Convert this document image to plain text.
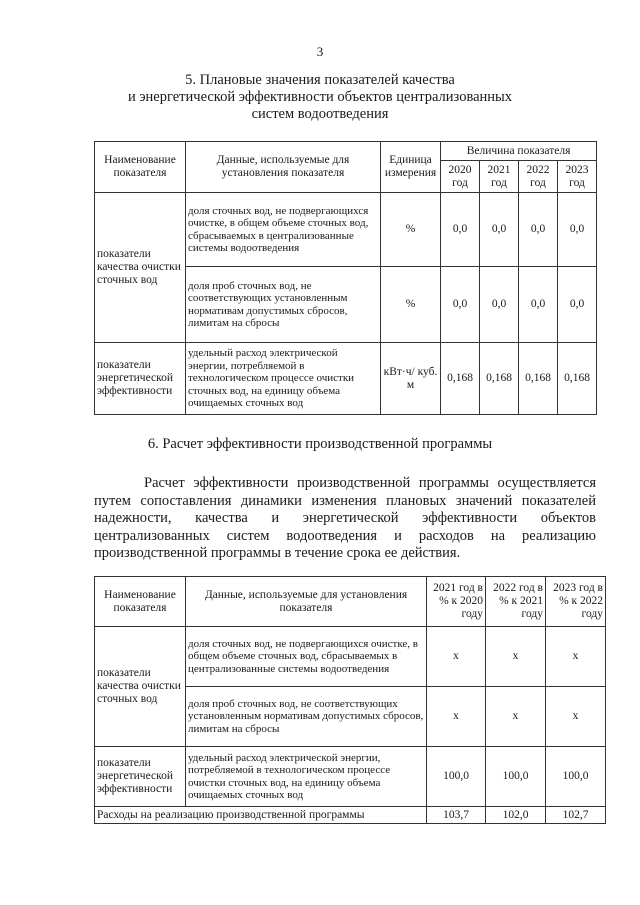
3
5. Плановые значения показателей качества
и энергетической эффективности объектов централизованных
систем водоотведения
Наименование показателя	Данные, используемые для установления показателя	Единица измерения	Величина показателя			
			2020 год	2021 год	2022 год	2023 год
показатели качества очистки сточных вод	доля сточных вод, не подвергающихся очистке, в общем объеме сточных вод, сбрасываемых в централизованные системы водоотведения	%	0,0	0,0	0,0	0,0
	доля проб сточных вод, не соответствующих установленным нормативам допустимых сбросов, лимитам на сбросы	%	0,0	0,0	0,0	0,0
показатели энергетической эффективности	удельный расход электрической энергии, потребляемой в технологическом процессе очистки сточных вод, на единицу объема очищаемых сточных вод	кВт·ч/ куб. м	0,168	0,168	0,168	0,168
6. Расчет эффективности производственной программы
Расчет эффективности производственной программы осуществляется
путем сопоставления динамики изменения плановых значений показателей
надежности, качества и энергетической эффективности объектов
централизованных систем водоотведения и расходов на реализацию
производственной программы в течение срока ее действия.
Наименование показателя	Данные, используемые для установления показателя	2021 год в % к 2020 году	2022 год в % к 2021 году	2023 год в % к 2022 году
показатели качества очистки сточных вод	доля сточных вод, не подвергающихся очистке, в общем объеме сточных вод, сбрасываемых в централизованные системы водоотведения	х	х	х
	доля проб сточных вод, не соответствующих установленным нормативам допустимых сбросов, лимитам на сбросы	х	х	х
показатели энергетической эффективности	удельный расход электрической энергии, потребляемой в технологическом процессе очистки сточных вод, на единицу объема очищаемых сточных вод	100,0	100,0	100,0
Расходы на реализацию производственной программы		103,7	102,0	102,7
